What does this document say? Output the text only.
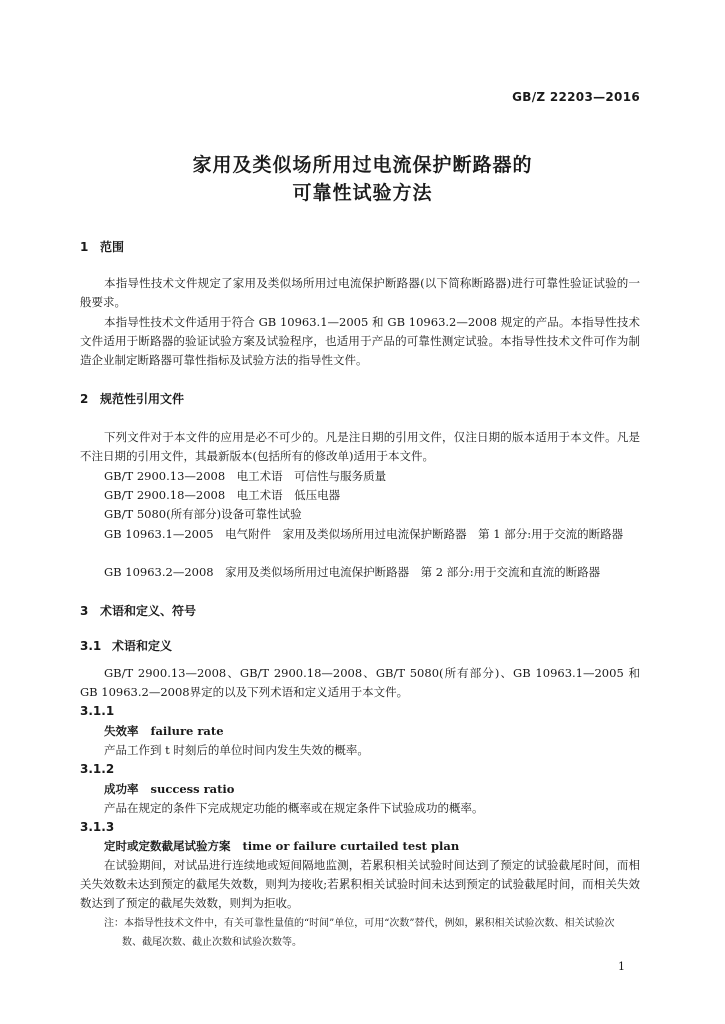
GB/Z 22203—2016
家用及类似场所用过电流保护断路器的
可靠性试验方法
1 范围
本指导性技术文件规定了家用及类似场所用过电流保护断路器(以下简称断路器)进行可靠性验证试验的一般要求。
本指导性技术文件适用于符合 GB 10963.1—2005 和 GB 10963.2—2008 规定的产品。本指导性技术文件适用于断路器的验证试验方案及试验程序，也适用于产品的可靠性测定试验。本指导性技术文件可作为制造企业制定断路器可靠性指标及试验方法的指导性文件。
2 规范性引用文件
下列文件对于本文件的应用是必不可少的。凡是注日期的引用文件，仅注日期的版本适用于本文件。凡是不注日期的引用文件，其最新版本(包括所有的修改单)适用于本文件。
GB/T 2900.13—2008　电工术语　可信性与服务质量
GB/T 2900.18—2008　电工术语　低压电器
GB/T 5080(所有部分)设备可靠性试验
GB 10963.1—2005　电气附件　家用及类似场所用过电流保护断路器　第 1 部分:用于交流的断路器
GB 10963.2—2008　家用及类似场所用过电流保护断路器　第 2 部分:用于交流和直流的断路器
3 术语和定义、符号
3.1 术语和定义
GB/T 2900.13—2008、GB/T 2900.18—2008、GB/T 5080(所有部分)、GB 10963.1—2005 和 GB 10963.2—2008界定的以及下列术语和定义适用于本文件。
3.1.1
失效率 failure rate
产品工作到 t 时刻后的单位时间内发生失效的概率。
3.1.2
成功率 success ratio
产品在规定的条件下完成规定功能的概率或在规定条件下试验成功的概率。
3.1.3
定时或定数截尾试验方案 time or failure curtailed test plan
在试验期间，对试品进行连续地或短间隔地监测，若累积相关试验时间达到了预定的试验截尾时间，而相关失效数未达到预定的截尾失效数，则判为接收;若累积相关试验时间未达到预定的试验截尾时间，而相关失效数达到了预定的截尾失效数，则判为拒收。
注：本指导性技术文件中，有关可靠性量值的“时间”单位，可用“次数”替代，例如，累积相关试验次数、相关试验次
数、截尾次数、截止次数和试验次数等。
1
